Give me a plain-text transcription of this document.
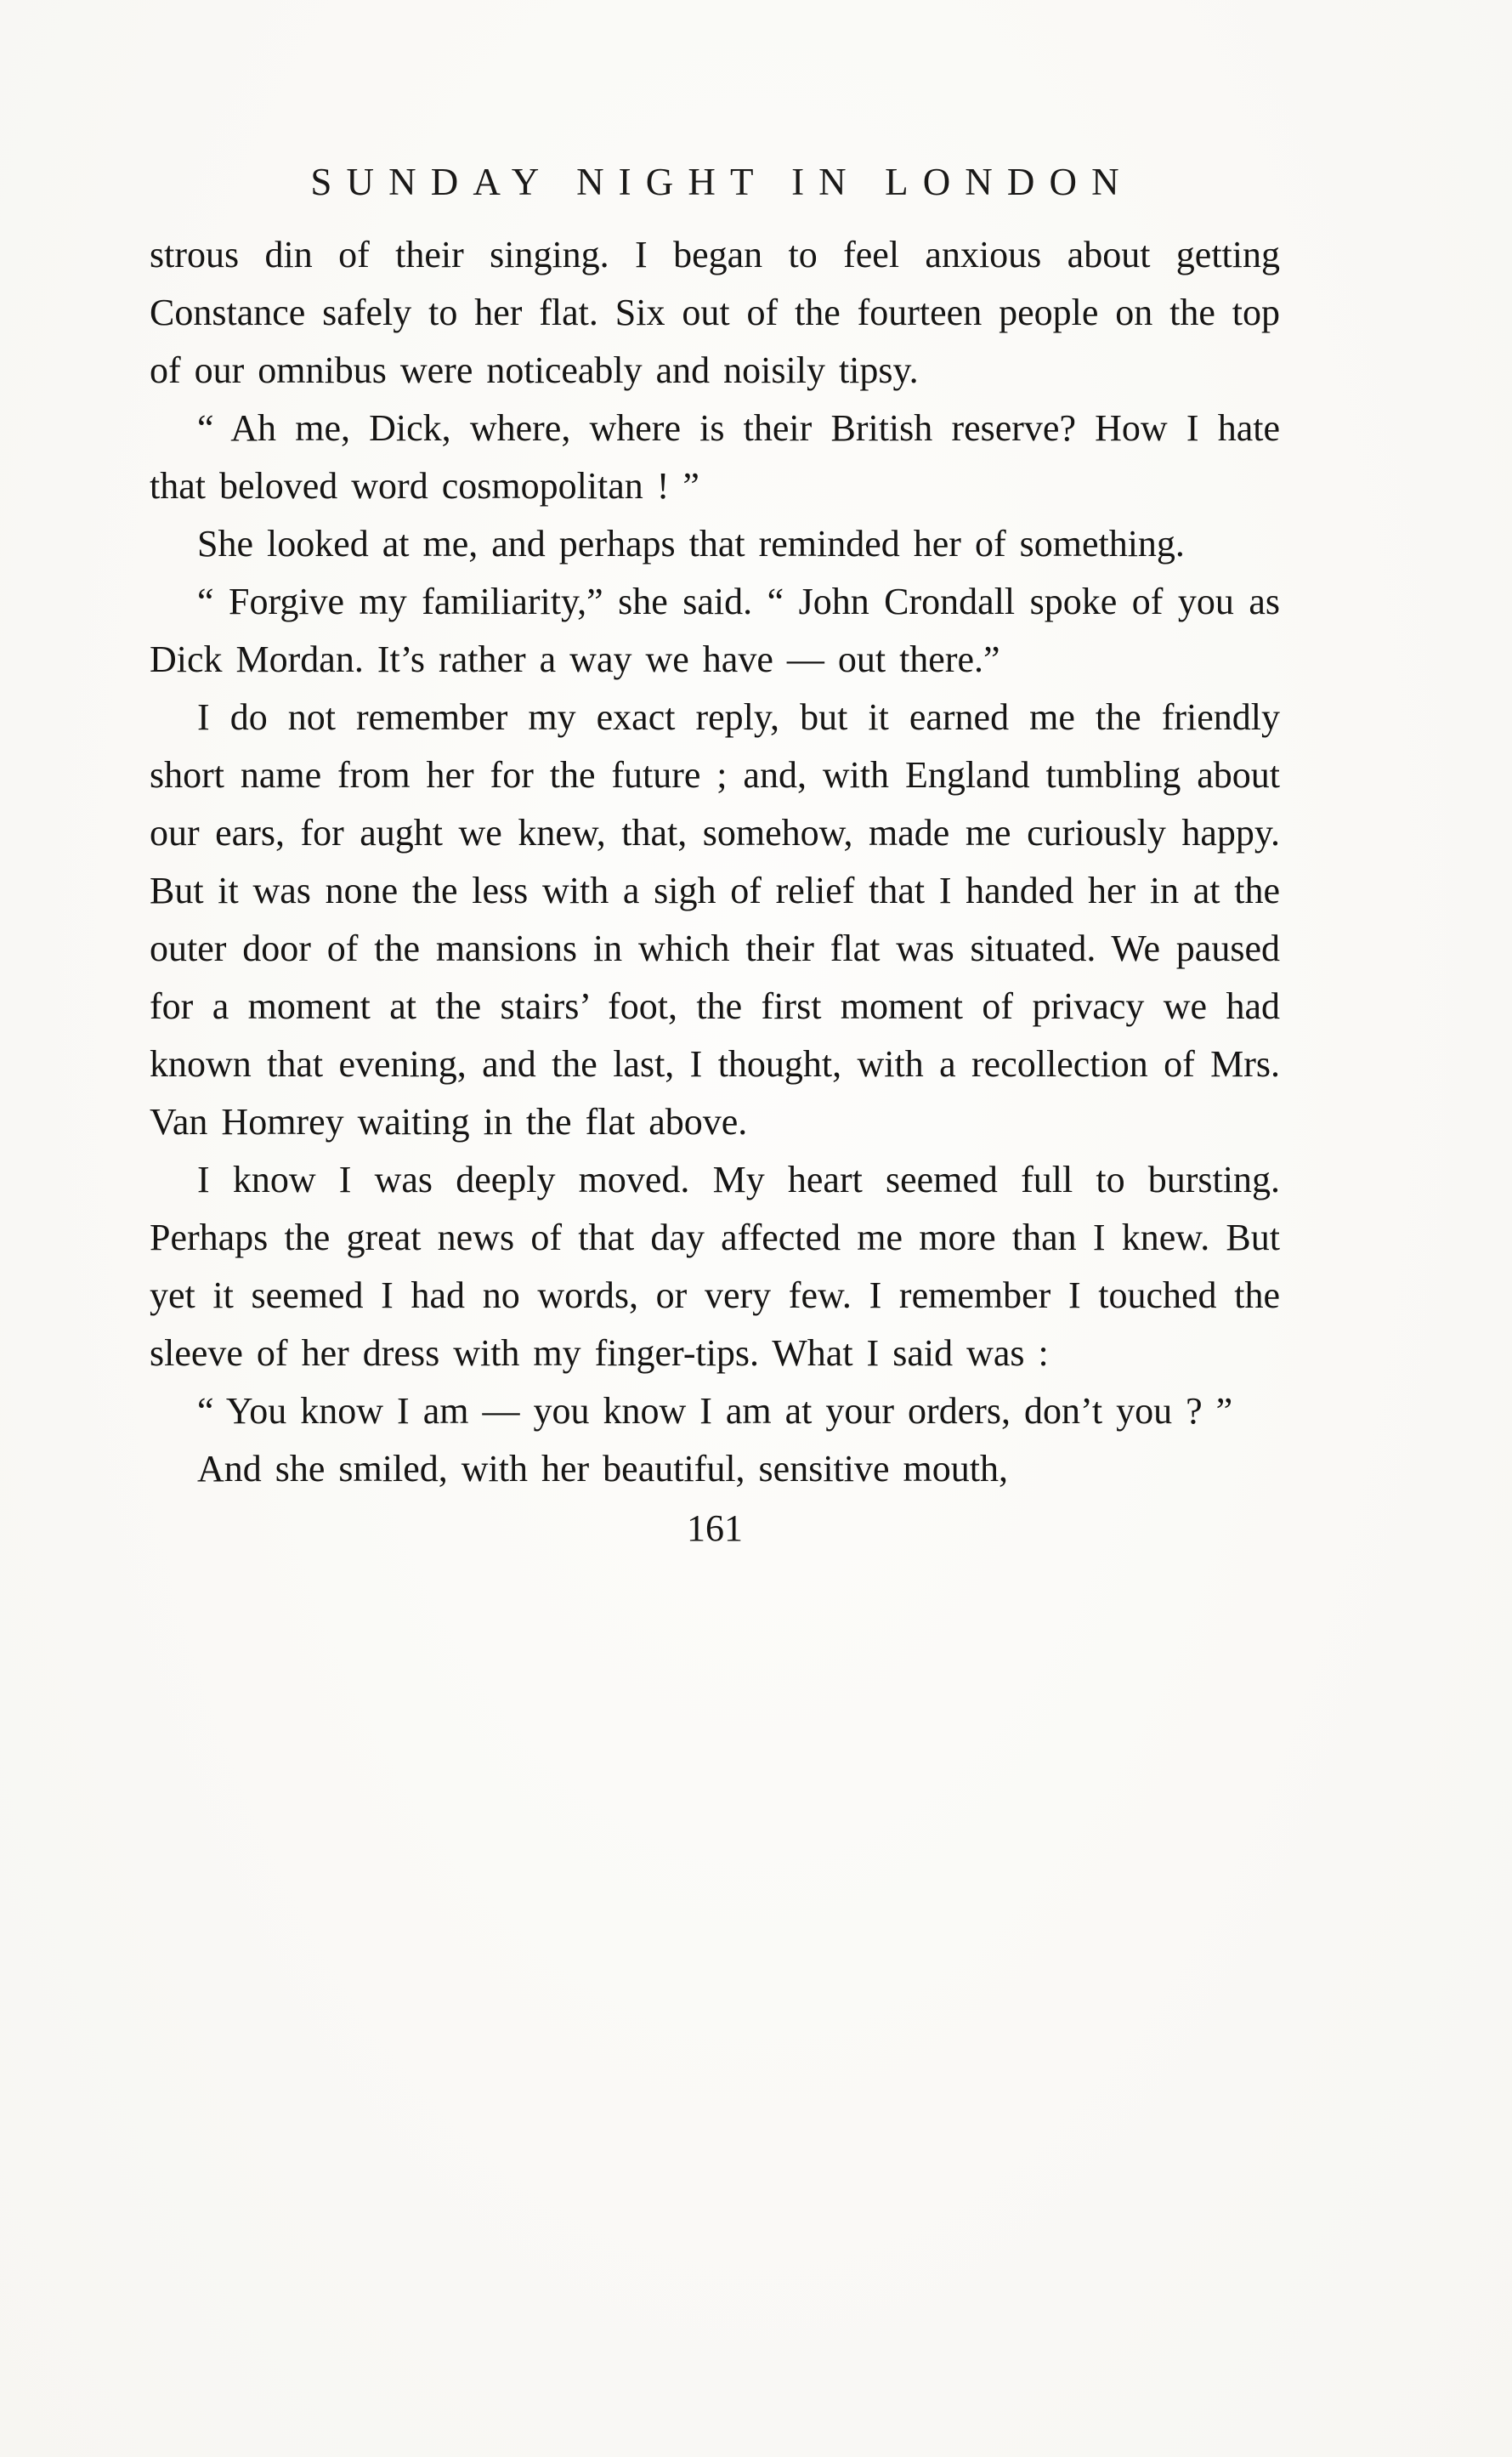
SUNDAY NIGHT IN LONDON

strous din of their singing. I began to feel anxious about getting Constance safely to her flat. Six out of the fourteen people on the top of our omnibus were noticeably and noisily tipsy.

“ Ah me, Dick, where, where is their British reserve? How I hate that beloved word cosmopolitan ! ”

She looked at me, and perhaps that reminded her of something.

“ Forgive my familiarity,” she said. “ John Crondall spoke of you as Dick Mordan. It’s rather a way we have — out there.”

I do not remember my exact reply, but it earned me the friendly short name from her for the future ; and, with England tumbling about our ears, for aught we knew, that, somehow, made me curiously happy. But it was none the less with a sigh of relief that I handed her in at the outer door of the mansions in which their flat was situated. We paused for a moment at the stairs’ foot, the first moment of privacy we had known that evening, and the last, I thought, with a recollection of Mrs. Van Homrey waiting in the flat above.

I know I was deeply moved. My heart seemed full to bursting. Perhaps the great news of that day affected me more than I knew. But yet it seemed I had no words, or very few. I remember I touched the sleeve of her dress with my finger-tips. What I said was :

“ You know I am — you know I am at your orders, don’t you ? ”

And she smiled, with her beautiful, sensitive mouth,

161
